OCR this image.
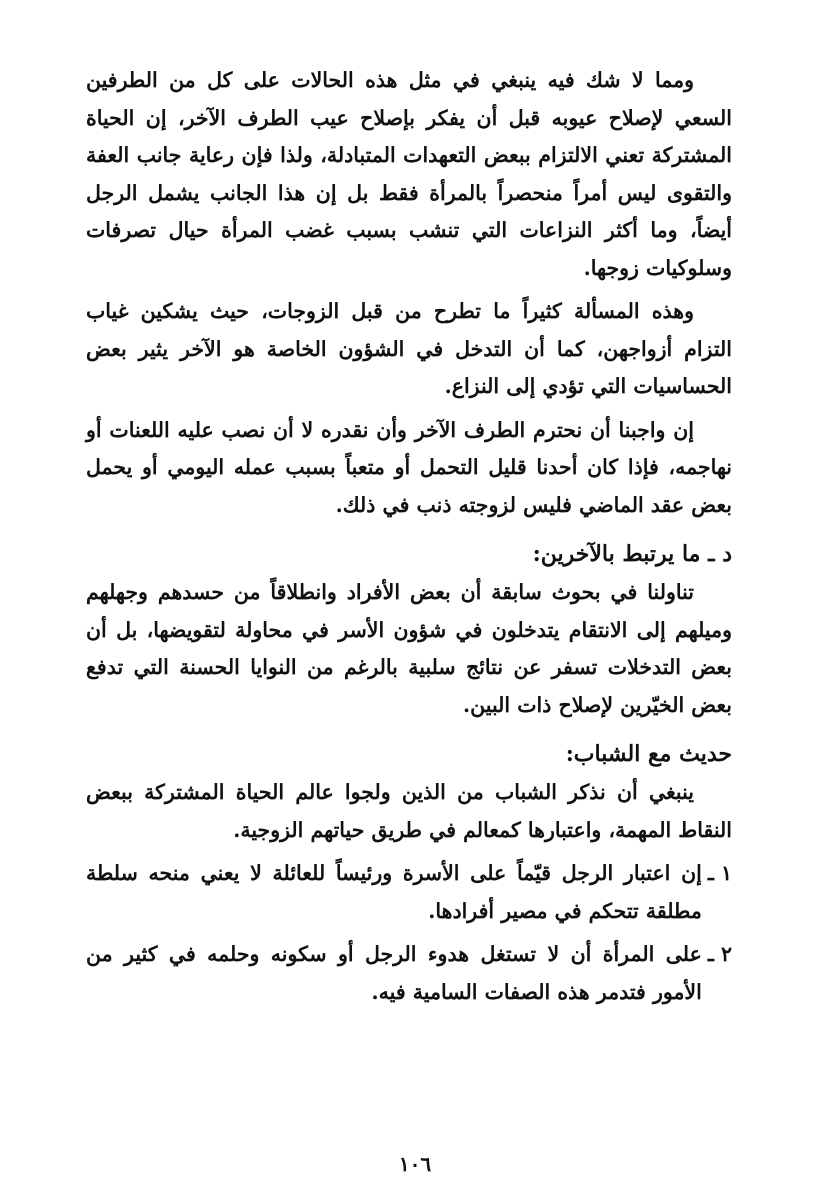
ومما لا شك فيه ينبغي في مثل هذه الحالات على كل من الطرفين السعي لإصلاح عيوبه قبل أن يفكر بإصلاح عيب الطرف الآخر، إن الحياة المشتركة تعني الالتزام ببعض التعهدات المتبادلة، ولذا فإن رعاية جانب العفة والتقوى ليس أمراً منحصراً بالمرأة فقط بل إن هذا الجانب يشمل الرجل أيضاً، وما أكثر النزاعات التي تنشب بسبب غضب المرأة حيال تصرفات وسلوكيات زوجها.

وهذه المسألة كثيراً ما تطرح من قبل الزوجات، حيث يشكين غياب التزام أزواجهن، كما أن التدخل في الشؤون الخاصة هو الآخر يثير بعض الحساسيات التي تؤدي إلى النزاع.

إن واجبنا أن نحترم الطرف الآخر وأن نقدره لا أن نصب عليه اللعنات أو نهاجمه، فإذا كان أحدنا قليل التحمل أو متعباً بسبب عمله اليومي أو يحمل بعض عقد الماضي فليس لزوجته ذنب في ذلك.

د ـ ما يرتبط بالآخرين:

تناولنا في بحوث سابقة أن بعض الأفراد وانطلاقاً من حسدهم وجهلهم وميلهم إلى الانتقام يتدخلون في شؤون الأسر في محاولة لتقويضها، بل أن بعض التدخلات تسفر عن نتائج سلبية بالرغم من النوايا الحسنة التي تدفع بعض الخيّرين لإصلاح ذات البين.

حديث مع الشباب:

ينبغي أن نذكر الشباب من الذين ولجوا عالم الحياة المشتركة ببعض النقاط المهمة، واعتبارها كمعالم في طريق حياتهم الزوجية.

١ ـ
إن اعتبار الرجل قيّماً على الأسرة ورئيساً للعائلة لا يعني منحه سلطة مطلقة تتحكم في مصير أفرادها.
٢ ـ
على المرأة أن لا تستغل هدوء الرجل أو سكونه وحلمه في كثير من الأمور فتدمر هذه الصفات السامية فيه.
١٠٦
